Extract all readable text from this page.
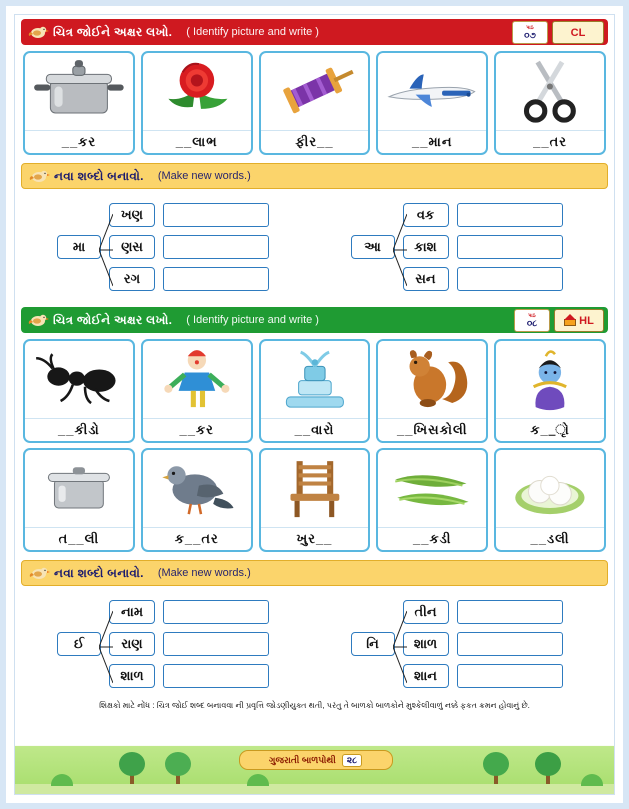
ચિત્ર જોઈને અક્ષર લખો. ( Identify picture and write )	પાઠ
૦૭	CL
__કર	__લાભ	ફીર__	__માન	__તર
નવા શબ્દો બનાવો. (Make new words.)
મા
ખણ
ણસ
રગ
આ
વક
કાશ
સન
ચિત્ર જોઈને અક્ષર લખો. ( Identify picture and write )	પાઠ
૦૮	HL
__કીડો	__કર	__વારો	__ખિસકોલી	ક__ૃો
ત__લી	ક__તર	ખુર__	__કડી	__ડલી
નવા શબ્દો બનાવો. (Make new words.)
ઈ
નામ
રાણ
શાળ
નિ
તીન
શાળ
શાન
શિક્ષકો માટે નોંધ : ચિત્ર જોઈ શબ્દ બનાવવા ની પ્રવૃત્તિ જોડણીયુક્ત થતી, પરંતુ તે બાળકો બાળકોને મુશ્કેલીવાળું નક્કે ફકત ક્રમન હોવાનું છે.
ગુજરાતી બાળપોથી	૨૮
